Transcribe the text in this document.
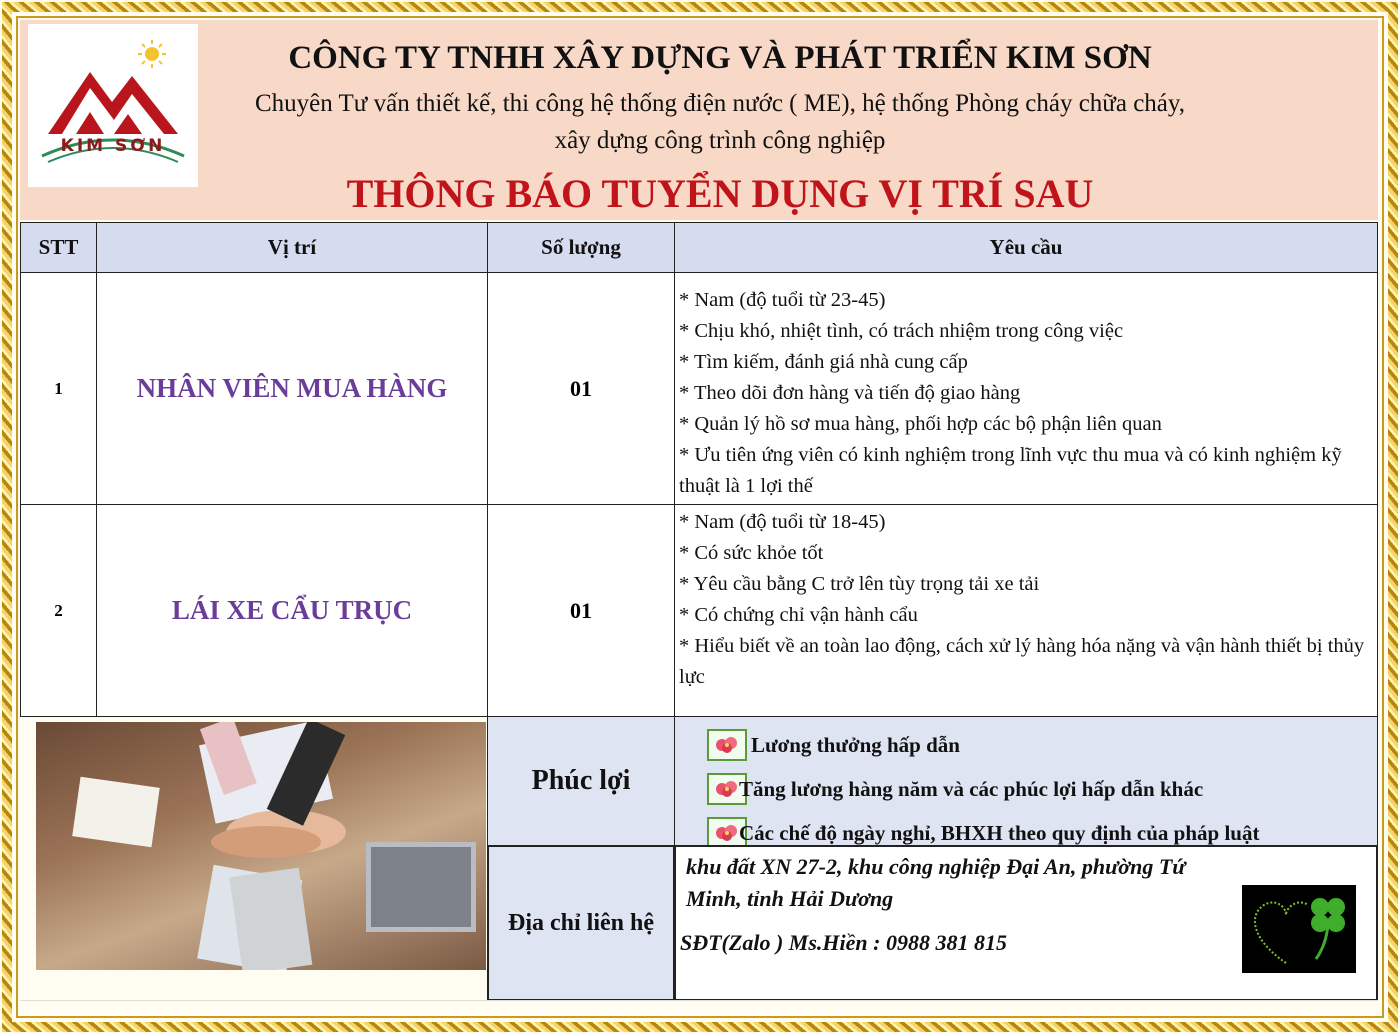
KIM SƠN
CÔNG TY TNHH XÂY DỰNG VÀ PHÁT TRIỂN KIM SƠN
Chuyên Tư vấn thiết kế, thi công hệ thống điện nước ( ME), hệ thống Phòng cháy chữa cháy,
xây dựng công trình công nghiệp
THÔNG BÁO TUYỂN DỤNG VỊ TRÍ SAU
STT	Vị trí	Số lượng	Yêu cầu
1	NHÂN VIÊN MUA HÀNG	01
* Nam (độ tuổi từ 23-45)
* Chịu khó, nhiệt tình, có trách nhiệm trong công việc
* Tìm kiếm, đánh giá nhà cung cấp
* Theo dõi đơn hàng và tiến độ giao hàng
* Quản lý hồ sơ mua hàng, phối hợp các bộ phận liên quan
* Ưu tiên ứng viên có kinh nghiệm trong lĩnh vực thu mua và có kinh nghiệm kỹ thuật là 1 lợi thế
2	LÁI XE CẨU TRỤC	01
* Nam (độ tuổi từ 18-45)
* Có sức khỏe tốt
* Yêu cầu bằng C trở lên tùy trọng tải xe tải
* Có chứng chỉ vận hành cẩu
* Hiểu biết về an toàn lao động, cách xử lý hàng hóa nặng và vận hành thiết bị thủy lực
Phúc lợi
Lương thưởng hấp dẫn
Tăng lương hàng năm và các phúc lợi hấp dẫn khác
Các chế độ ngày nghỉ, BHXH theo quy định của pháp luật
Địa chỉ liên hệ
khu đất XN 27-2, khu công nghiệp Đại An, phường Tứ Minh, tỉnh Hải Dương
SĐT(Zalo ) Ms.Hiền : 0988 381 815
